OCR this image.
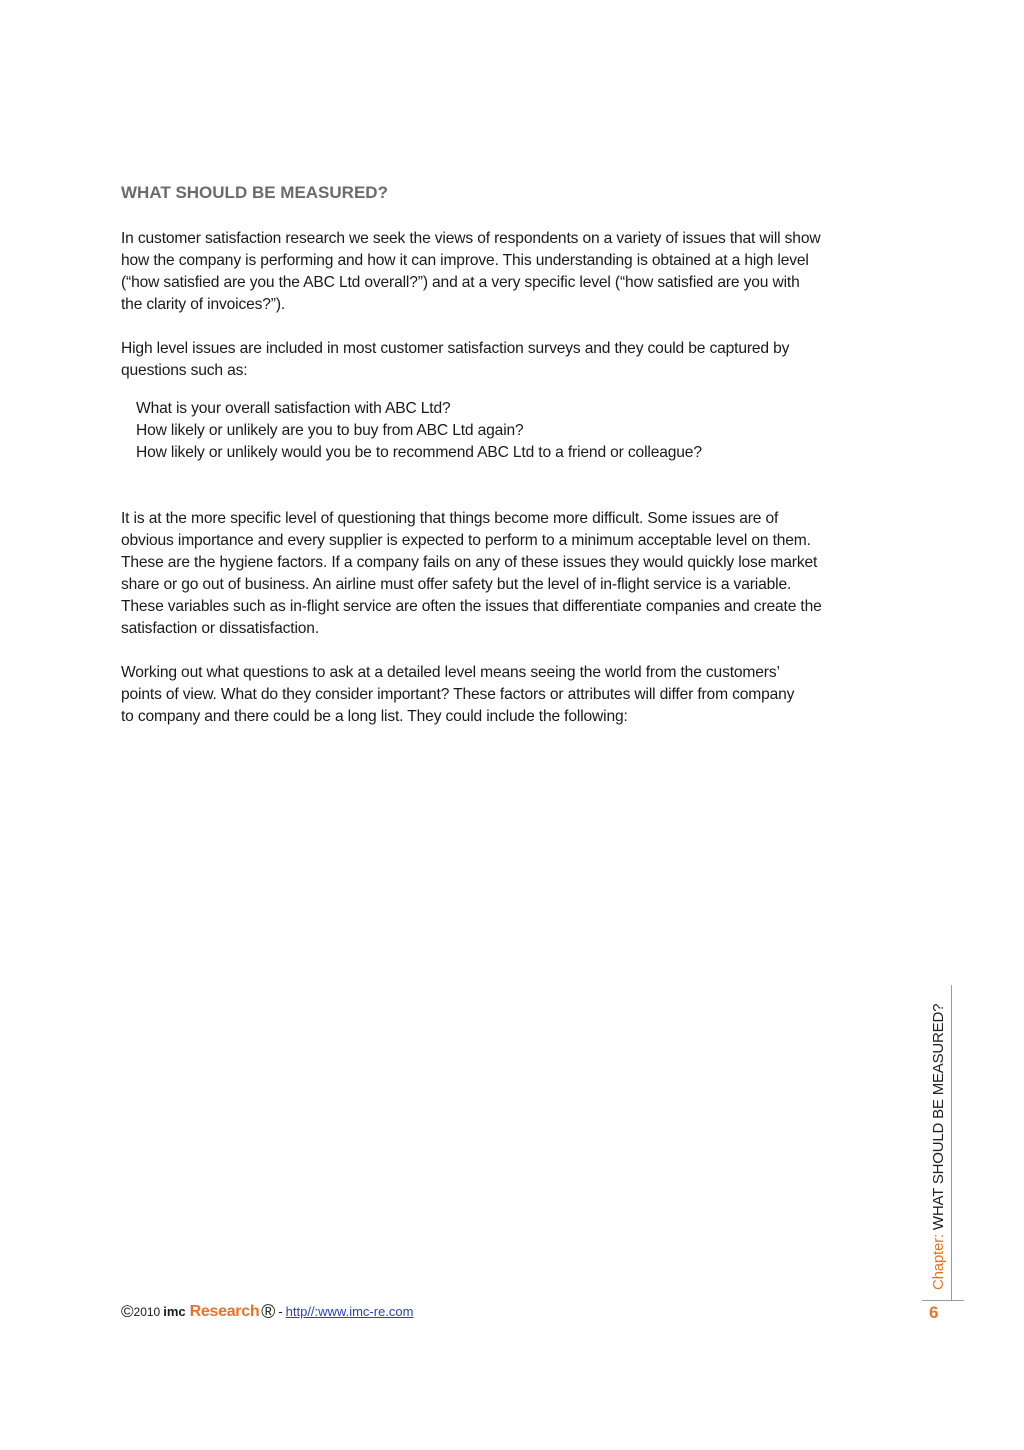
WHAT SHOULD BE MEASURED?

In customer satisfaction research we seek the views of respondents on a variety of issues that will show
how the company is performing and how it can improve. This understanding is obtained at a high level
(“how satisfied are you the ABC Ltd overall?”) and at a very specific level (“how satisfied are you with
the clarity of invoices?”).

High level issues are included in most customer satisfaction surveys and they could be captured by
questions such as:

What is your overall satisfaction with ABC Ltd?
How likely or unlikely are you to buy from ABC Ltd again?
How likely or unlikely would you be to recommend ABC Ltd to a friend or colleague?

It is at the more specific level of questioning that things become more difficult. Some issues are of
obvious importance and every supplier is expected to perform to a minimum acceptable level on them.
These are the hygiene factors. If a company fails on any of these issues they would quickly lose market
share or go out of business. An airline must offer safety but the level of in-flight service is a variable.
These variables such as in-flight service are often the issues that differentiate companies and create the
satisfaction or dissatisfaction.

Working out what questions to ask at a detailed level means seeing the world from the customers’
points of view. What do they consider important? These factors or attributes will differ from company
to company and there could be a long list. They could include the following:

Chapter: WHAT SHOULD BE MEASURED?
6
©2010 imc Research ® - http//:www.imc-re.com
